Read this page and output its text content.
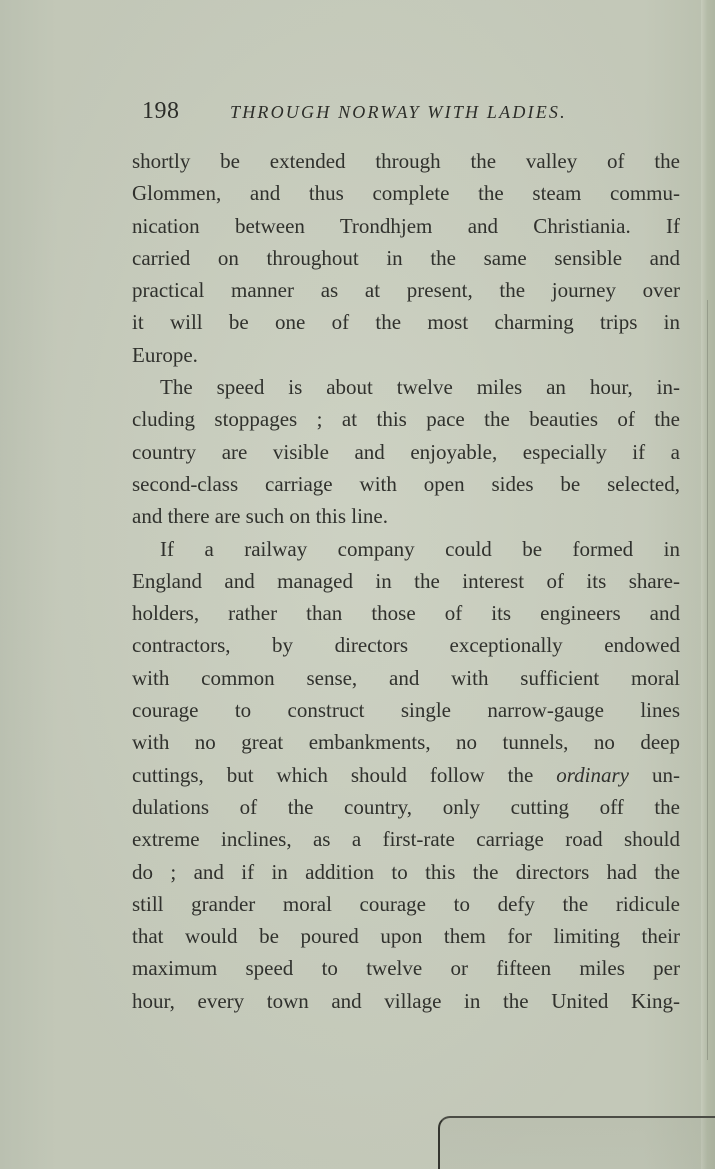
198	THROUGH NORWAY WITH LADIES.
shortly be extended through the valley of the
Glommen, and thus complete the steam commu-
nication between Trondhjem and Christiania. If
carried on throughout in the same sensible and
practical manner as at present, the journey over
it will be one of the most charming trips in
Europe.
The speed is about twelve miles an hour, in-
cluding stoppages ; at this pace the beauties of the
country are visible and enjoyable, especially if a
second-class carriage with open sides be selected,
and there are such on this line.
If a railway company could be formed in
England and managed in the interest of its share-
holders, rather than those of its engineers and
contractors, by directors exceptionally endowed
with common sense, and with sufficient moral
courage to construct single narrow-gauge lines
with no great embankments, no tunnels, no deep
cuttings, but which should follow the ordinary un-
dulations of the country, only cutting off the
extreme inclines, as a first-rate carriage road should
do ; and if in addition to this the directors had the
still grander moral courage to defy the ridicule
that would be poured upon them for limiting their
maximum speed to twelve or fifteen miles per
hour, every town and village in the United King-
